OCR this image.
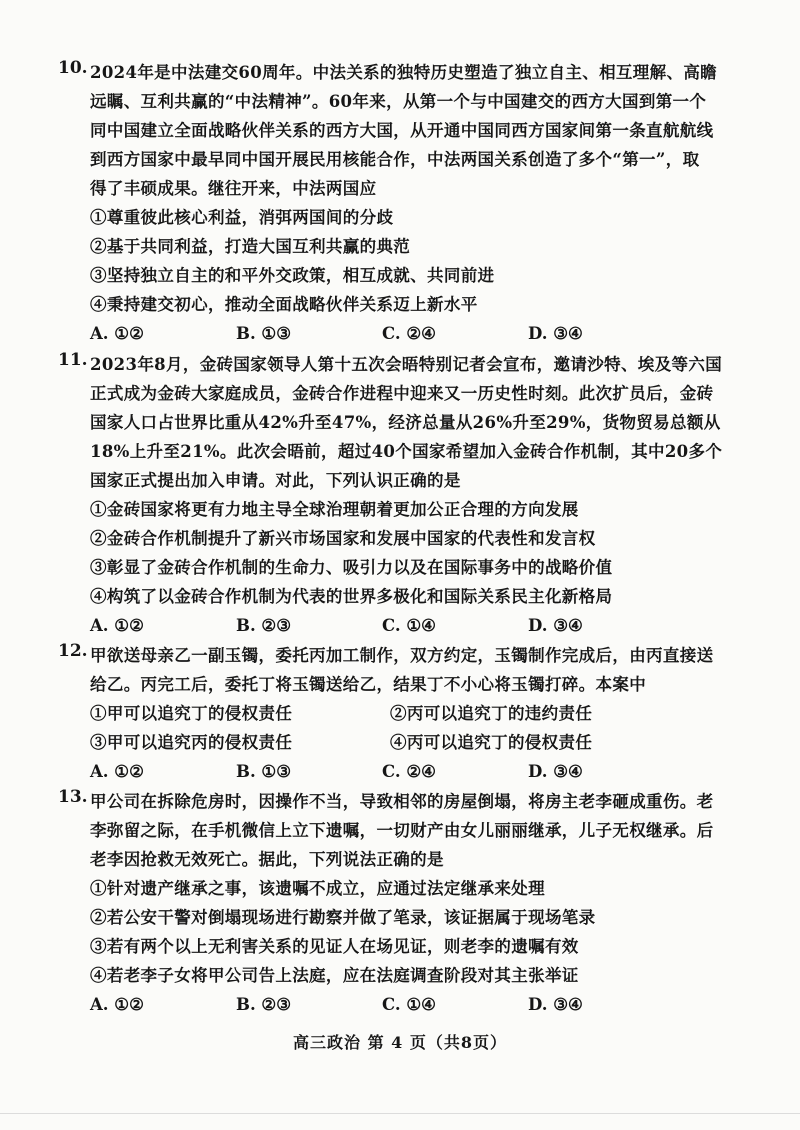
10. 2024年是中法建交60周年。中法关系的独特历史塑造了独立自主、相互理解、高瞻

远瞩、互利共赢的“中法精神”。60年来，从第一个与中国建交的西方大国到第一个

同中国建立全面战略伙伴关系的西方大国，从开通中国同西方国家间第一条直航航线

到西方国家中最早同中国开展民用核能合作，中法两国关系创造了多个“第一”，取

得了丰硕成果。继往开来，中法两国应

①尊重彼此核心利益，消弭两国间的分歧

②基于共同利益，打造大国互利共赢的典范

③坚持独立自主的和平外交政策，相互成就、共同前进

④秉持建交初心，推动全面战略伙伴关系迈上新水平

A. ①②	B. ①③	C. ②④	D. ③④
11. 2023年8月，金砖国家领导人第十五次会晤特别记者会宣布，邀请沙特、埃及等六国

正式成为金砖大家庭成员，金砖合作进程中迎来又一历史性时刻。此次扩员后，金砖

国家人口占世界比重从42%升至47%，经济总量从26%升至29%，货物贸易总额从

18%上升至21%。此次会晤前，超过40个国家希望加入金砖合作机制，其中20多个

国家正式提出加入申请。对此，下列认识正确的是

①金砖国家将更有力地主导全球治理朝着更加公正合理的方向发展

②金砖合作机制提升了新兴市场国家和发展中国家的代表性和发言权

③彰显了金砖合作机制的生命力、吸引力以及在国际事务中的战略价值

④构筑了以金砖合作机制为代表的世界多极化和国际关系民主化新格局

A. ①②	B. ②③	C. ①④	D. ③④
12. 甲欲送母亲乙一副玉镯，委托丙加工制作，双方约定，玉镯制作完成后，由丙直接送

给乙。丙完工后，委托丁将玉镯送给乙，结果丁不小心将玉镯打碎。本案中

①甲可以追究丁的侵权责任	②丙可以追究丁的违约责任

③甲可以追究丙的侵权责任	④丙可以追究丁的侵权责任

A. ①②	B. ①③	C. ②④	D. ③④
13. 甲公司在拆除危房时，因操作不当，导致相邻的房屋倒塌，将房主老李砸成重伤。老

李弥留之际，在手机微信上立下遗嘱，一切财产由女儿丽丽继承，儿子无权继承。后

老李因抢救无效死亡。据此，下列说法正确的是

①针对遗产继承之事，该遗嘱不成立，应通过法定继承来处理

②若公安干警对倒塌现场进行勘察并做了笔录，该证据属于现场笔录

③若有两个以上无利害关系的见证人在场见证，则老李的遗嘱有效

④若老李子女将甲公司告上法庭，应在法庭调查阶段对其主张举证

A. ①②	B. ②③	C. ①④	D. ③④
高三政治 第 4 页（共8页）
